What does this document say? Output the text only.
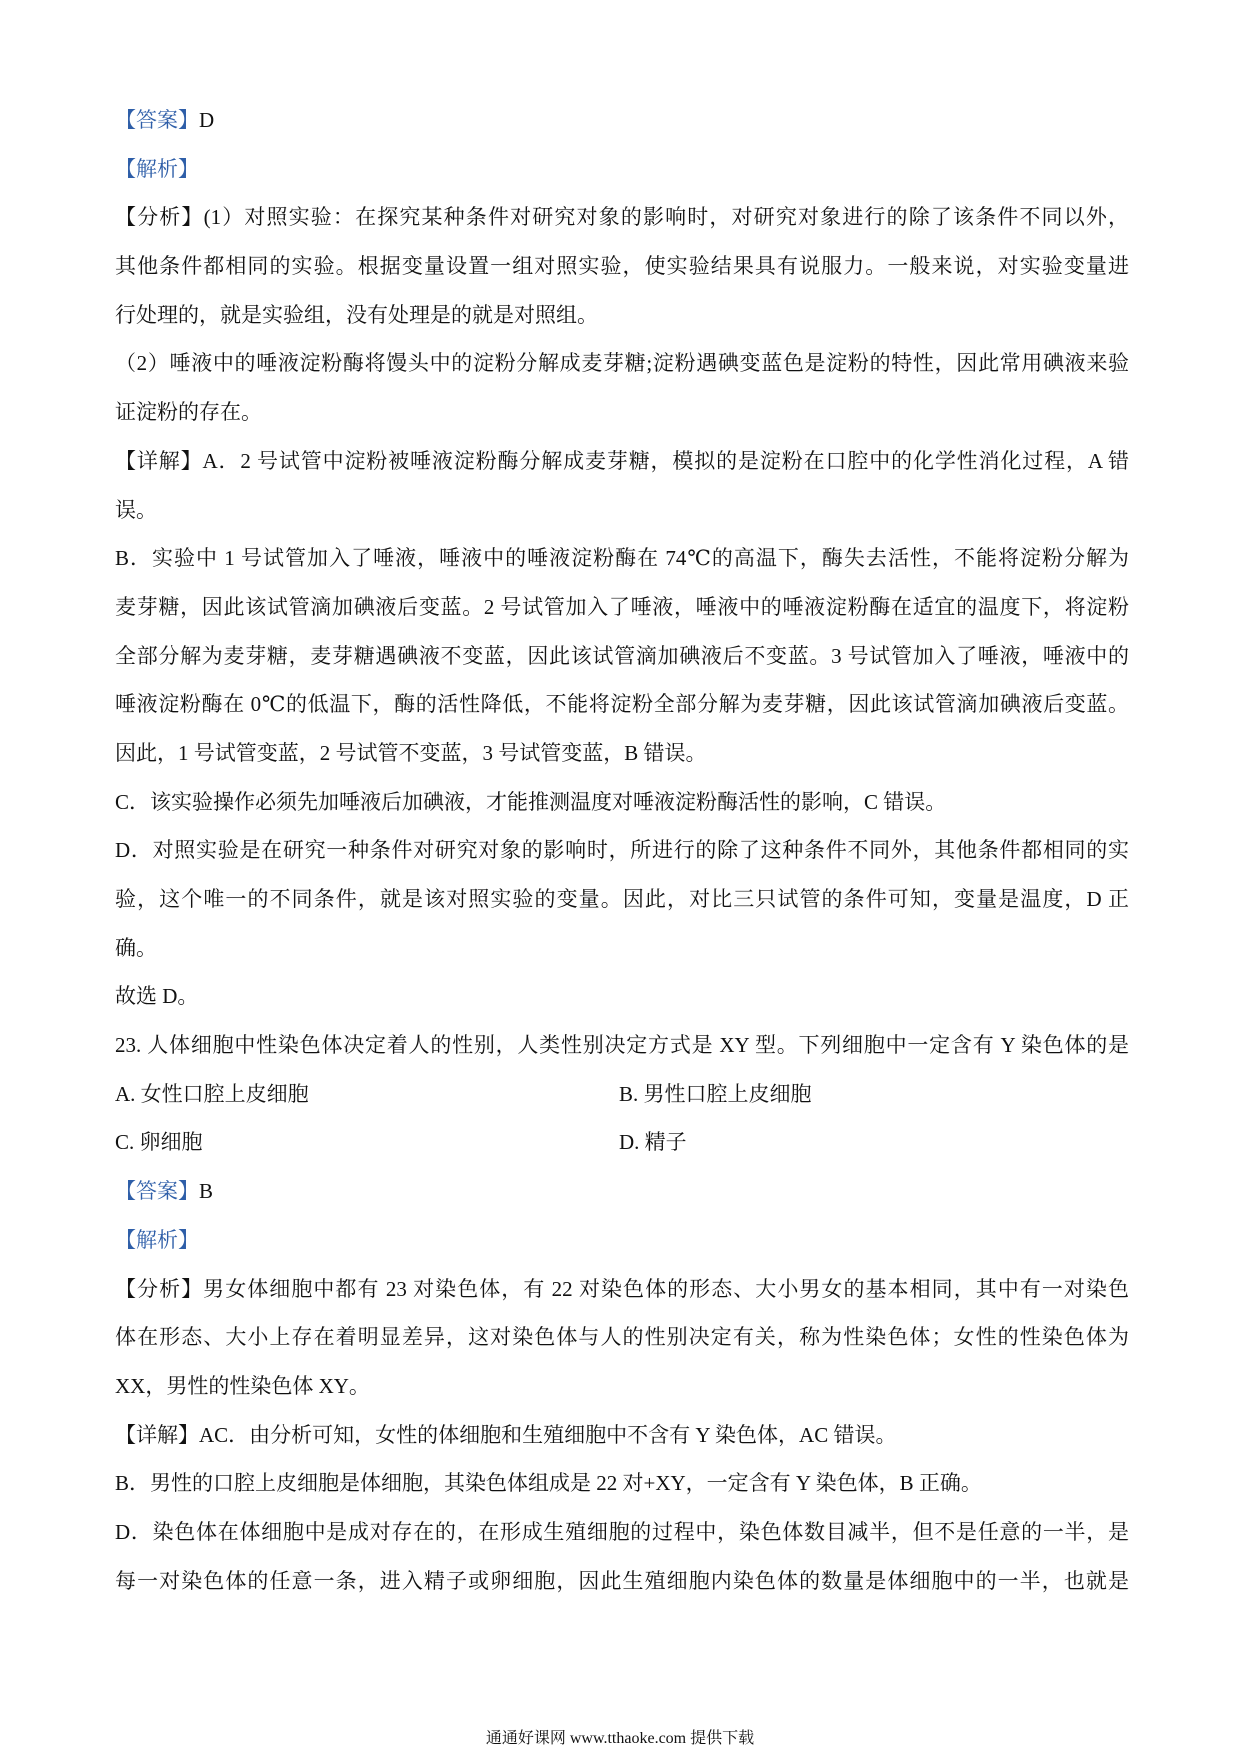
【答案】D
【解析】
【分析】(1）对照实验：在探究某种条件对研究对象的影响时，对研究对象进行的除了该条件不同以外，
其他条件都相同的实验。根据变量设置一组对照实验，使实验结果具有说服力。一般来说，对实验变量进
行处理的，就是实验组，没有处理是的就是对照组。
（2）唾液中的唾液淀粉酶将馒头中的淀粉分解成麦芽糖;淀粉遇碘变蓝色是淀粉的特性，因此常用碘液来验
证淀粉的存在。
【详解】A．2 号试管中淀粉被唾液淀粉酶分解成麦芽糖，模拟的是淀粉在口腔中的化学性消化过程，A 错
误。
B．实验中 1 号试管加入了唾液，唾液中的唾液淀粉酶在 74℃的高温下，酶失去活性，不能将淀粉分解为
麦芽糖，因此该试管滴加碘液后变蓝。2 号试管加入了唾液，唾液中的唾液淀粉酶在适宜的温度下，将淀粉
全部分解为麦芽糖，麦芽糖遇碘液不变蓝，因此该试管滴加碘液后不变蓝。3 号试管加入了唾液，唾液中的
唾液淀粉酶在 0℃的低温下，酶的活性降低，不能将淀粉全部分解为麦芽糖，因此该试管滴加碘液后变蓝。
因此，1 号试管变蓝，2 号试管不变蓝，3 号试管变蓝，B 错误。
C．该实验操作必须先加唾液后加碘液，才能推测温度对唾液淀粉酶活性的影响，C 错误。
D．对照实验是在研究一种条件对研究对象的影响时，所进行的除了这种条件不同外，其他条件都相同的实
验，这个唯一的不同条件，就是该对照实验的变量。因此，对比三只试管的条件可知，变量是温度，D 正
确。
故选 D。
23. 人体细胞中性染色体决定着人的性别，人类性别决定方式是 XY 型。下列细胞中一定含有 Y 染色体的是
A. 女性口腔上皮细胞	B. 男性口腔上皮细胞
C. 卵细胞	D. 精子
【答案】B
【解析】
【分析】男女体细胞中都有 23 对染色体，有 22 对染色体的形态、大小男女的基本相同，其中有一对染色
体在形态、大小上存在着明显差异，这对染色体与人的性别决定有关，称为性染色体；女性的性染色体为
XX，男性的性染色体 XY。
【详解】AC．由分析可知，女性的体细胞和生殖细胞中不含有 Y 染色体，AC 错误。
B．男性的口腔上皮细胞是体细胞，其染色体组成是 22 对+XY，一定含有 Y 染色体，B 正确。
D．染色体在体细胞中是成对存在的，在形成生殖细胞的过程中，染色体数目减半，但不是任意的一半，是
每一对染色体的任意一条，进入精子或卵细胞，因此生殖细胞内染色体的数量是体细胞中的一半，也就是
通通好课网 www.tthaoke.com 提供下载
